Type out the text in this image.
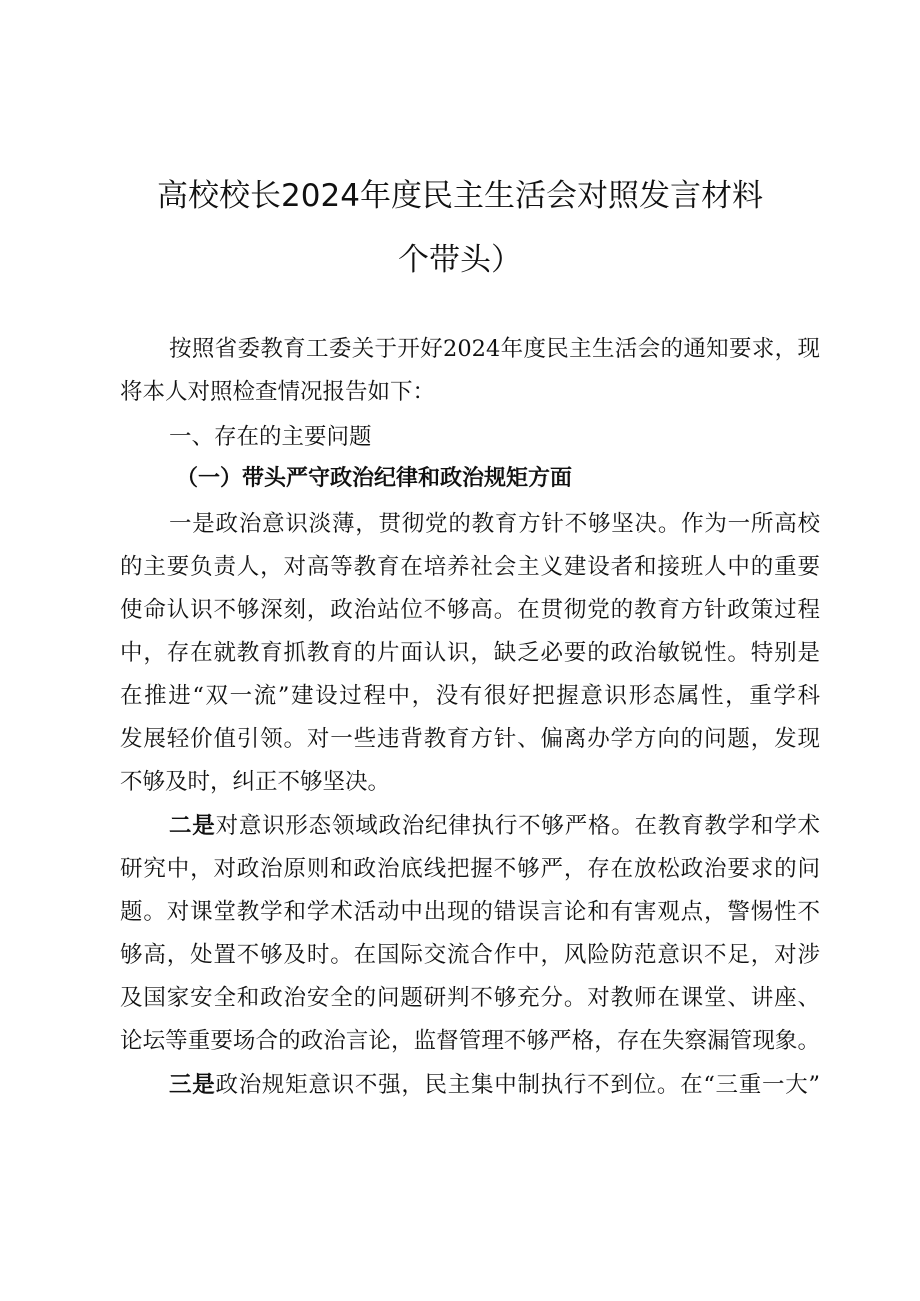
高校校长2024年度民主生活会对照发言材料
个带头）
按照省委教育工委关于开好2024年度民主生活会的通知要求，现
将本人对照检查情况报告如下：
一、存在的主要问题
（一）带头严守政治纪律和政治规矩方面
一是政治意识淡薄，贯彻党的教育方针不够坚决。作为一所高校
的主要负责人，对高等教育在培养社会主义建设者和接班人中的重要
使命认识不够深刻，政治站位不够高。在贯彻党的教育方针政策过程
中，存在就教育抓教育的片面认识，缺乏必要的政治敏锐性。特别是
在推进“双一流”建设过程中，没有很好把握意识形态属性，重学科
发展轻价值引领。对一些违背教育方针、偏离办学方向的问题，发现
不够及时，纠正不够坚决。
二是对意识形态领域政治纪律执行不够严格。在教育教学和学术
研究中，对政治原则和政治底线把握不够严，存在放松政治要求的问
题。对课堂教学和学术活动中出现的错误言论和有害观点，警惕性不
够高，处置不够及时。在国际交流合作中，风险防范意识不足，对涉
及国家安全和政治安全的问题研判不够充分。对教师在课堂、讲座、
论坛等重要场合的政治言论，监督管理不够严格，存在失察漏管现象。
三是政治规矩意识不强，民主集中制执行不到位。在“三重一大”
